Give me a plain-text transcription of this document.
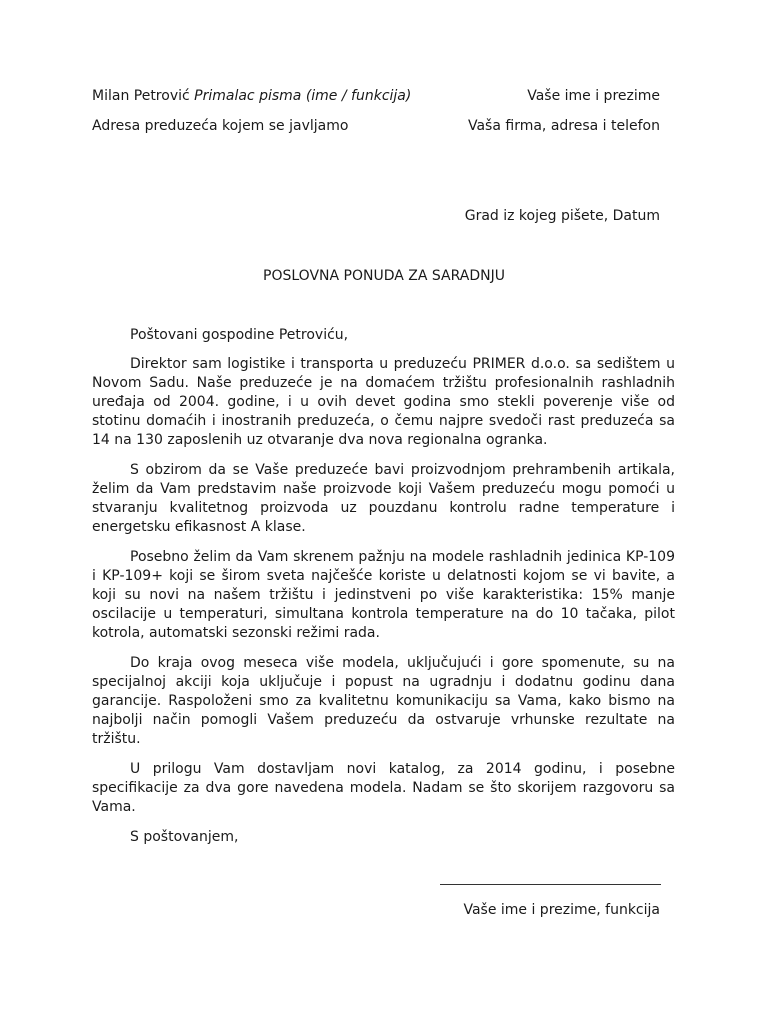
Milan Petrović Primalac pisma (ime / funkcija)	Vaše ime i prezime
Adresa preduzeća kojem se javljamo	Vaša firma, adresa i telefon
Grad iz kojeg pišete, Datum
POSLOVNA PONUDA ZA SARADNJU

Poštovani gospodine Petroviću,

Direktor sam logistike i transporta u preduzeću PRIMER d.o.o. sa sedištem u Novom Sadu. Naše preduzeće je na domaćem tržištu profesionalnih rashladnih uređaja od 2004. godine, i u ovih devet godina smo stekli poverenje više od stotinu domaćih i inostranih preduzeća, o čemu najpre svedoči rast preduzeća sa 14 na 130 zaposlenih uz otvaranje dva nova regionalna ogranka.

S obzirom da se Vaše preduzeće bavi proizvodnjom prehrambenih artikala, želim da Vam predstavim naše proizvode koji Vašem preduzeću mogu pomoći u stvaranju kvalitetnog proizvoda uz pouzdanu kontrolu radne temperature i energetsku efikasnost A klase.

Posebno želim da Vam skrenem pažnju na modele rashladnih jedinica KP-109 i KP-109+ koji se širom sveta najčešće koriste u delatnosti kojom se vi bavite, a koji su novi na našem tržištu i jedinstveni po više karakteristika: 15% manje oscilacije u temperaturi, simultana kontrola temperature na do 10 tačaka, pilot kotrola, automatski sezonski režimi rada.

Do kraja ovog meseca više modela, uključujući i gore spomenute, su na specijalnoj akciji koja uključuje i popust na ugradnju i dodatnu godinu dana garancije. Raspoloženi smo za kvalitetnu komunikaciju sa Vama, kako bismo na najbolji način pomogli Vašem preduzeću da ostvaruje vrhunske rezultate na tržištu.

U prilogu Vam dostavljam novi katalog, za 2014 godinu, i posebne specifikacije za dva gore navedena modela. Nadam se što skorijem razgovoru sa Vama.

S poštovanjem,

Vaše ime i prezime, funkcija
